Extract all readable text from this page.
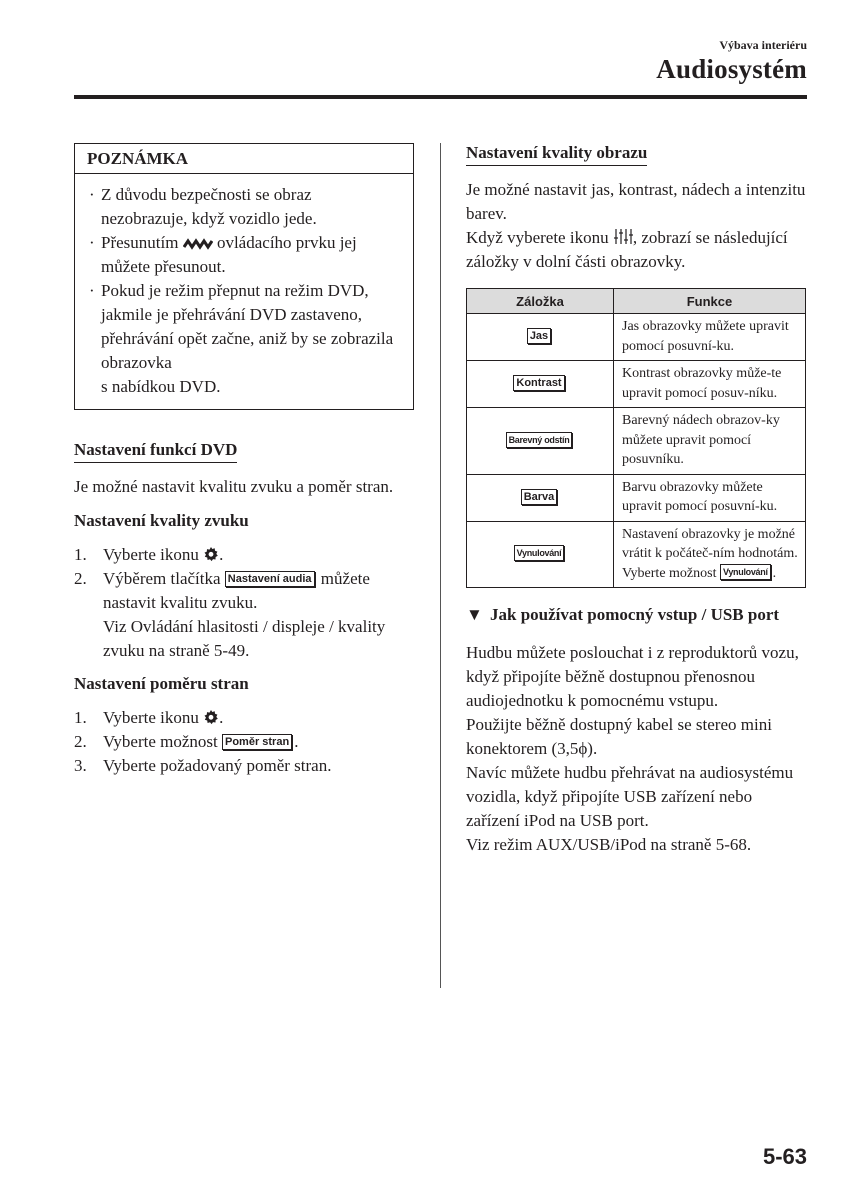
Výbava interiéru
Audiosystém
POZNÁMKA
· Z důvodu bezpečnosti se obraz nezobrazuje, když vozidlo jede.
· Přesunutím ovládacího prvku jej můžete přesunout.
· Pokud je režim přepnut na režim DVD, jakmile je přehrávání DVD zastaveno, přehrávání opět začne, aniž by se zobrazila obrazovka
s nabídkou DVD.
Nastavení funkcí DVD
Je možné nastavit kvalitu zvuku a poměr stran.
Nastavení kvality zvuku
1. Vyberte ikonu .
2. Výběrem tlačítka Nastavení audia můžete nastavit kvalitu zvuku.
Viz Ovládání hlasitosti / displeje / kvality zvuku na straně 5-49.
Nastavení poměru stran
1. Vyberte ikonu .
2. Vyberte možnost Poměr stran .
3. Vyberte požadovaný poměr stran.
Nastavení kvality obrazu
Je možné nastavit jas, kontrast, nádech a intenzitu barev.
Když vyberete ikonu , zobrazí se následující záložky v dolní části obrazovky.
Záložka	Funkce
Jas	Jas obrazovky můžete upravit pomocí posuvní-ku.
Kontrast	Kontrast obrazovky může-te upravit pomocí posuv-níku.
Barevný odstín	Barevný nádech obrazov-ky můžete upravit pomocí posuvníku.
Barva	Barvu obrazovky můžete upravit pomocí posuvní-ku.
Vynulování	Nastavení obrazovky je možné vrátit k počáteč-ním hodnotám.
Vyberte možnost Vynulování .
▼ Jak používat pomocný vstup / USB port
Hudbu můžete poslouchat i z reproduktorů vozu, když připojíte běžně dostupnou přenosnou audiojednotku k pomocnému vstupu.
Použijte běžně dostupný kabel se stereo mini konektorem (3,5ϕ).
Navíc můžete hudbu přehrávat na audiosystému vozidla, když připojíte USB zařízení nebo zařízení iPod na USB port.
Viz režim AUX/USB/iPod na straně 5-68.
5-63
